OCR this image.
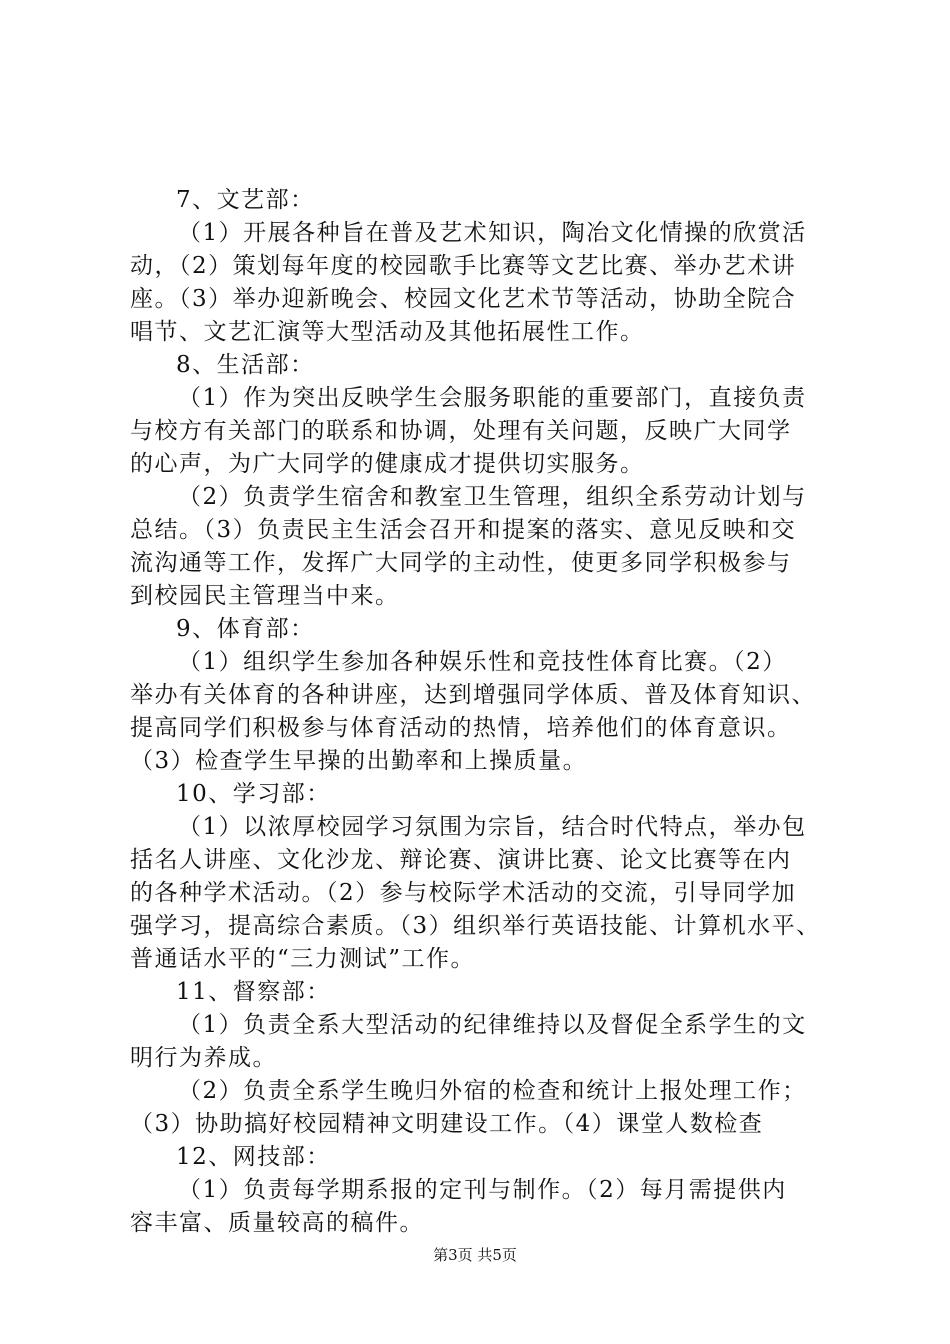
7、文艺部：
（1）开展各种旨在普及艺术知识，陶冶文化情操的欣赏活
动，（2）策划每年度的校园歌手比赛等文艺比赛、举办艺术讲
座。（3）举办迎新晚会、校园文化艺术节等活动，协助全院合
唱节、文艺汇演等大型活动及其他拓展性工作。
8、生活部：
（1）作为突出反映学生会服务职能的重要部门，直接负责
与校方有关部门的联系和协调，处理有关问题，反映广大同学
的心声，为广大同学的健康成才提供切实服务。
（2）负责学生宿舍和教室卫生管理，组织全系劳动计划与
总结。（3）负责民主生活会召开和提案的落实、意见反映和交
流沟通等工作，发挥广大同学的主动性，使更多同学积极参与
到校园民主管理当中来。
9、体育部：
（1）组织学生参加各种娱乐性和竞技性体育比赛。（2）
举办有关体育的各种讲座，达到增强同学体质、普及体育知识、
提高同学们积极参与体育活动的热情，培养他们的体育意识。
（3）检查学生早操的出勤率和上操质量。
10、学习部：
（1）以浓厚校园学习氛围为宗旨，结合时代特点，举办包
括名人讲座、文化沙龙、辩论赛、演讲比赛、论文比赛等在内
的各种学术活动。（2）参与校际学术活动的交流，引导同学加
强学习，提高综合素质。（3）组织举行英语技能、计算机水平、
普通话水平的“三力测试”工作。
11、督察部：
（1）负责全系大型活动的纪律维持以及督促全系学生的文
明行为养成。
（2）负责全系学生晚归外宿的检查和统计上报处理工作；
（3）协助搞好校园精神文明建设工作。（4）课堂人数检查
12、网技部：
（1）负责每学期系报的定刊与制作。（2）每月需提供内
容丰富、质量较高的稿件。
第3页 共5页
